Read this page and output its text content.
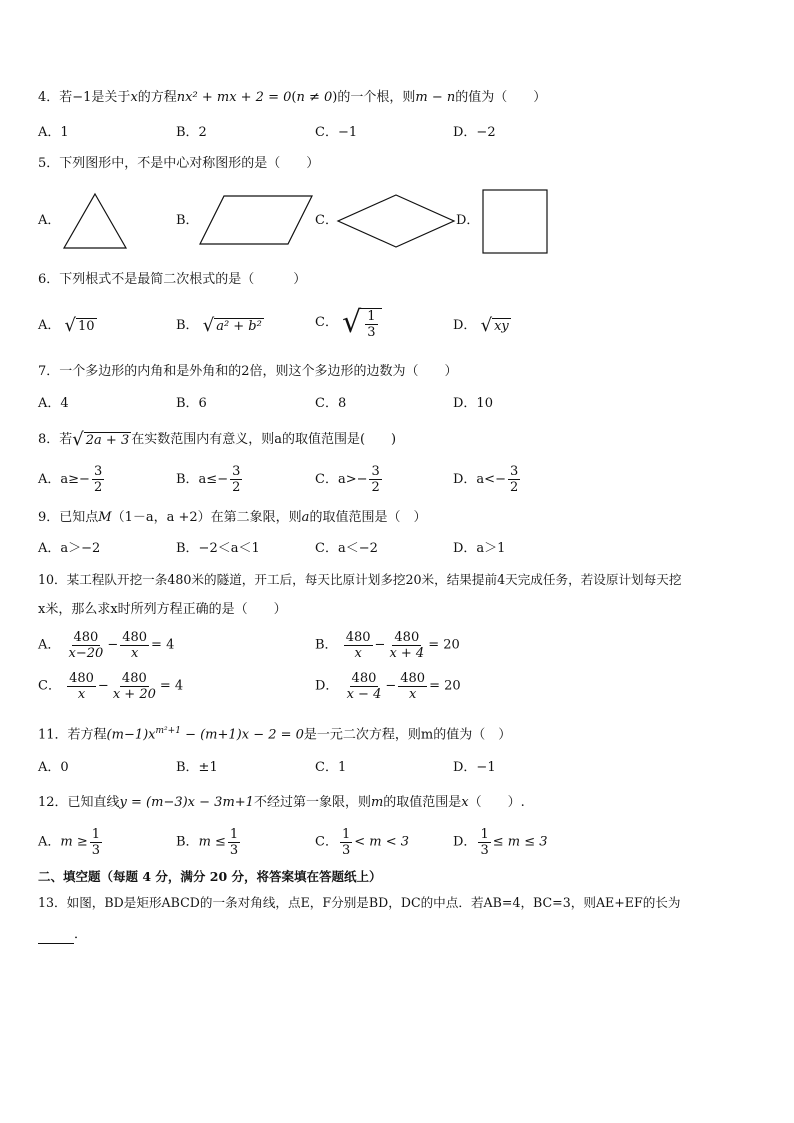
4．若−1是关于x的方程nx² + mx + 2 = 0(n ≠ 0)的一个根，则m − n的值为（　　）
A．1	B．2	C．−1	D．−2
5．下列图形中，不是中心对称图形的是（　　）
A．	B．	C．	D．
6．下列根式不是最简二次根式的是（　　　）
A． √ 10	B． √ a² + b²	C． √ $\frac{1}{3}$	D． √ xy
7．一个多边形的内角和是外角和的2倍，则这个多边形的边数为（　　）
A．4	B．6	C．8	D．10
8．若 √ 2a + 3 在实数范围内有意义，则a的取值范围是(　　)
A．$a\ge- \frac{3}{2}$	B．$a\le- \frac{3}{2}$	C．$a>- \frac{3}{2}$	D．$a<- \frac{3}{2}$
9．已知点M（1－a，a +2）在第二象限，则a的取值范围是（　）
A．a＞−2	B．−2＜a＜1	C．a＜−2	D．a＞1
10．某工程队开挖一条480米的隧道，开工后，每天比原计划多挖20米，结果提前4天完成任务，若设原计划每天挖
x米，那么求x时所列方程正确的是（　　）
A． $\frac{480}{x-20} - \frac{480}{x} = 4$	B． $\frac{480}{x} - \frac{480}{x + 4} = 20$
C． $\frac{480}{x} - \frac{480}{x + 20} = 4$	D． $\frac{480}{x - 4} - \frac{480}{x} = 20$
11．若方程$(m-1)x^{m^2+1} - (m+1)x - 2 = 0$是一元二次方程，则m的值为（　）
A．0	B．±1	C．1	D．−1
12．已知直线y = (m−3)x − 3m+1不经过第一象限，则m的取值范围是x（　　）.
A．$m \ge \frac{1}{3}$	B．$m \le \frac{1}{3}$	C． $\frac{1}{3} < m < 3$	D． $\frac{1}{3} \le m \le 3$
二、填空题（每题 4 分，满分 20 分，将答案填在答题纸上）
13．如图，BD是矩形ABCD的一条对角线，点E，F分别是BD，DC的中点．若AB=4，BC=3，则AE+EF的长为
．
